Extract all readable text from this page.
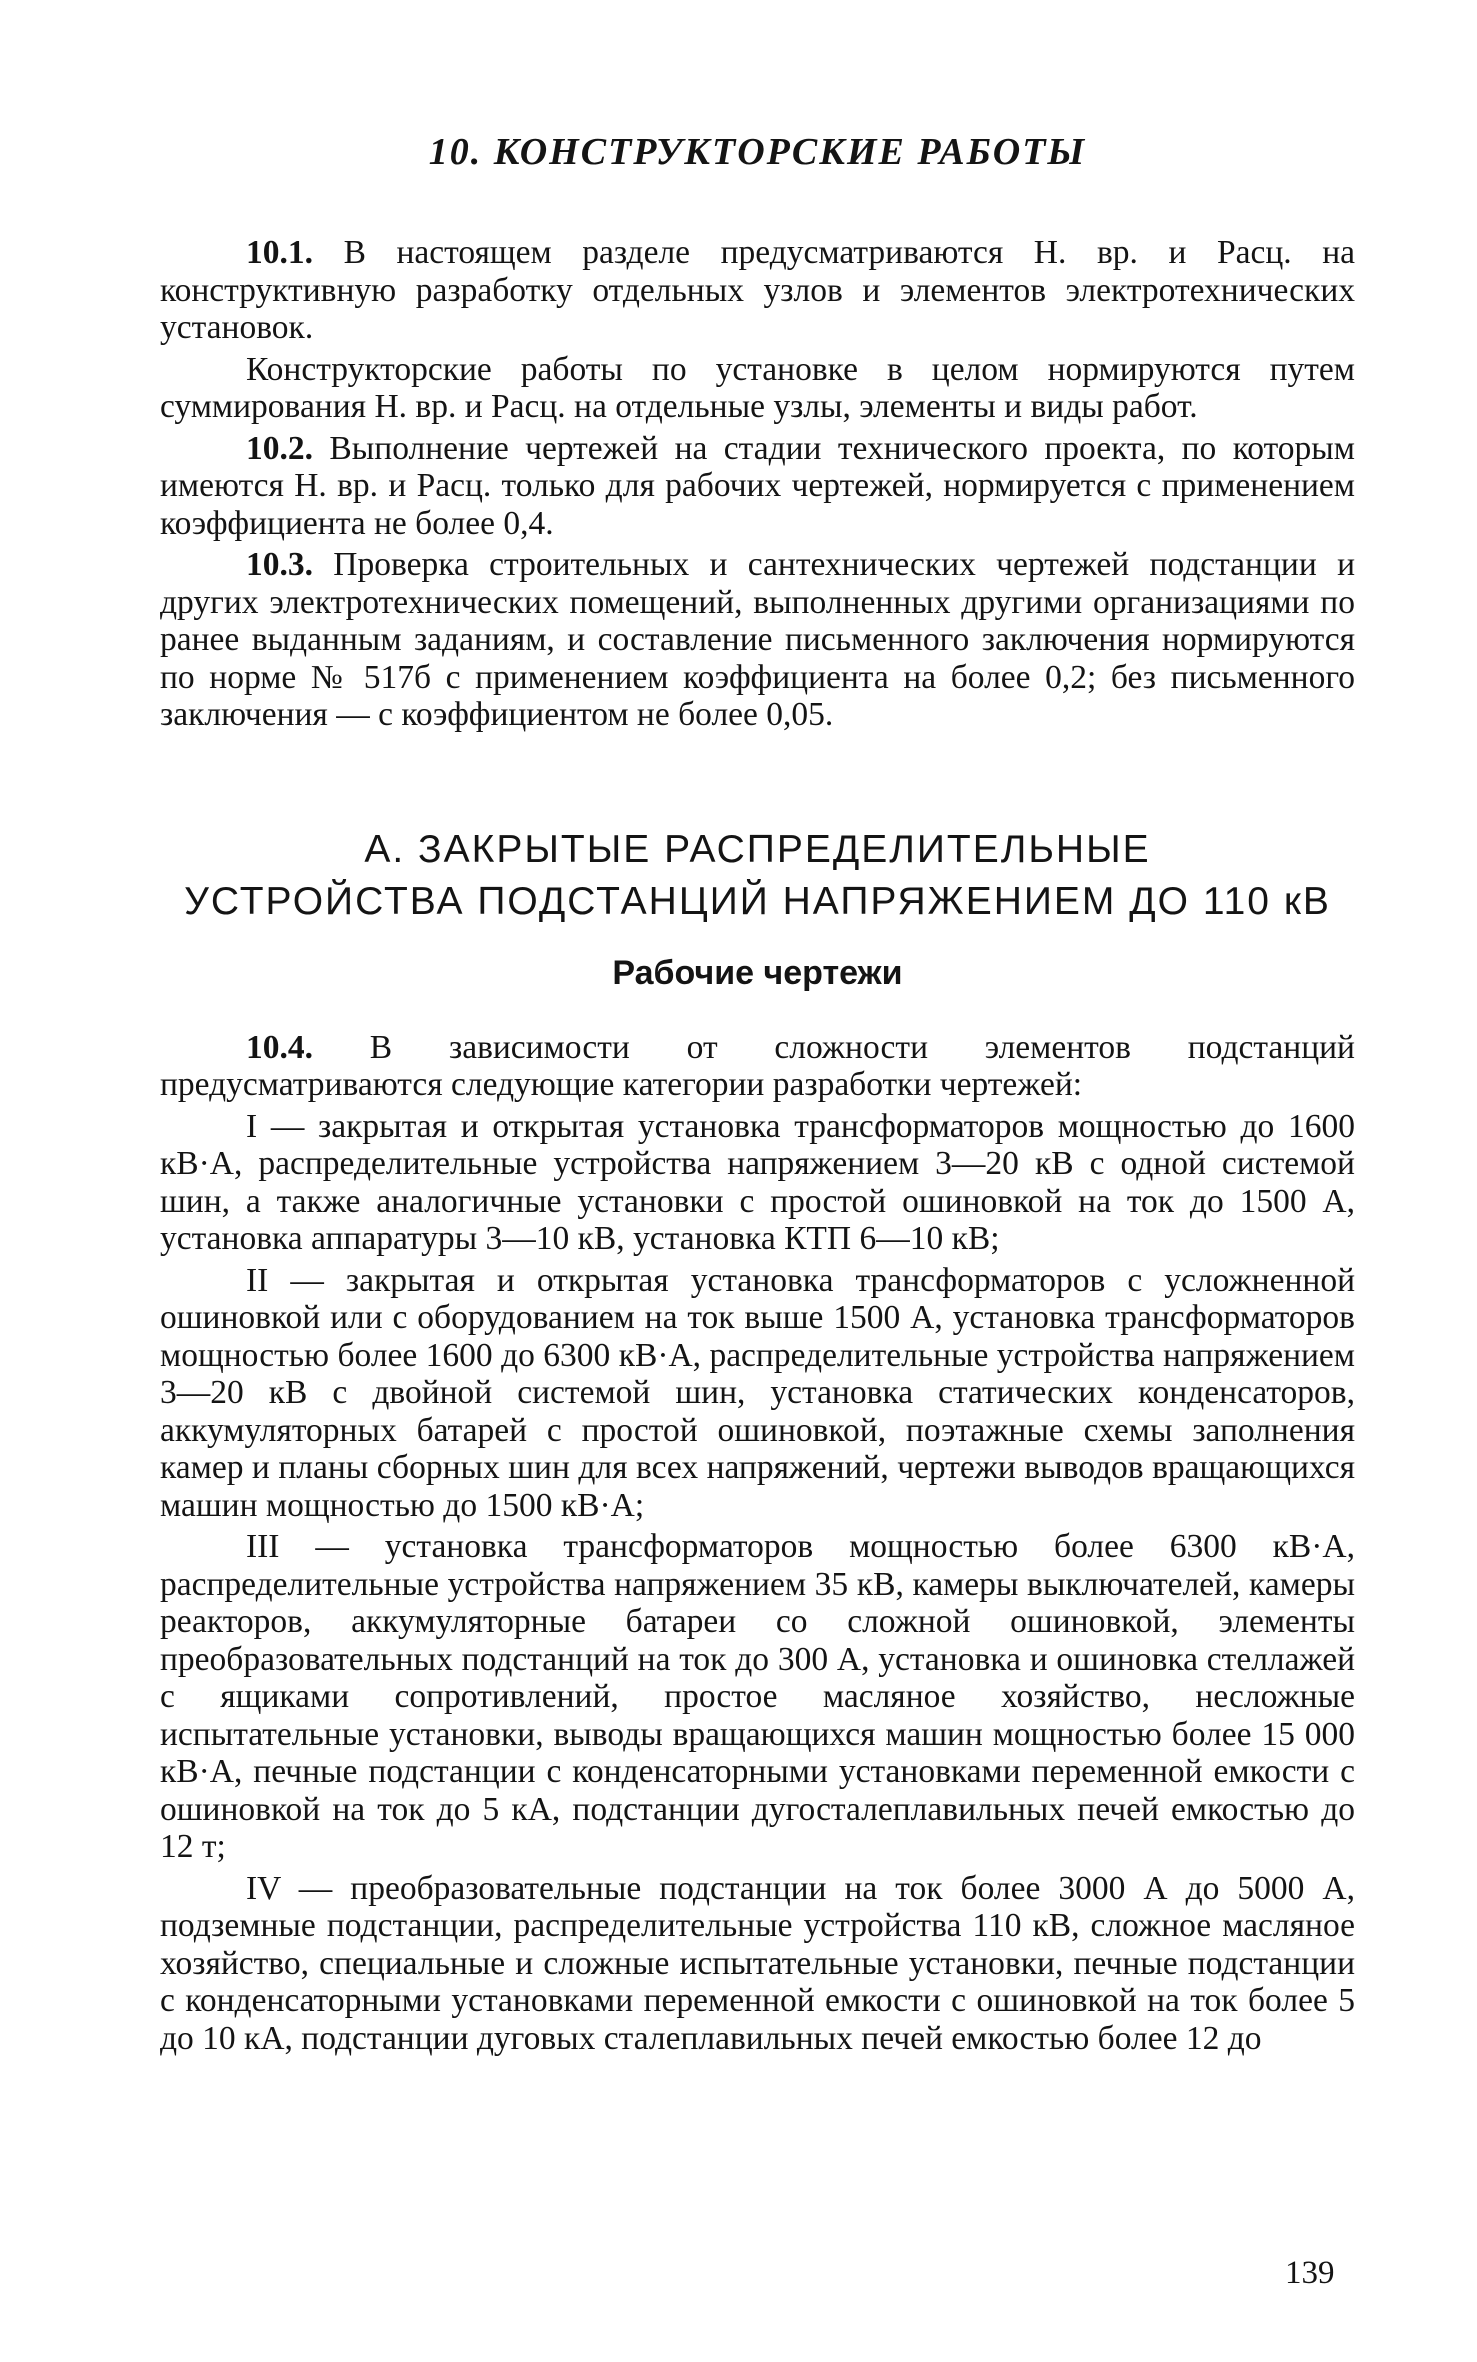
10. КОНСТРУКТОРСКИЕ РАБОТЫ

10.1. В настоящем разделе предусматриваются Н. вр. и Расц. на конструктивную разработку отдельных узлов и элементов электротехнических установок.

Конструкторские работы по установке в целом нормируются путем суммирования Н. вр. и Расц. на отдельные узлы, элементы и виды работ.

10.2. Выполнение чертежей на стадии технического проекта, по которым имеются Н. вр. и Расц. только для рабочих чертежей, нормируется с применением коэффициента не более 0,4.

10.3. Проверка строительных и сантехнических чертежей подстанции и других электротехнических помещений, выполненных другими организациями по ранее выданным заданиям, и составление письменного заключения нормируются по норме № 517б с применением коэффициента на более 0,2; без письменного заключения — с коэффициентом не более 0,05.

А. ЗАКРЫТЫЕ РАСПРЕДЕЛИТЕЛЬНЫЕ
УСТРОЙСТВА ПОДСТАНЦИЙ НАПРЯЖЕНИЕМ ДО 110 кВ
Рабочие чертежи

10.4. В зависимости от сложности элементов подстанций предусматриваются следующие категории разработки чертежей:

I — закрытая и открытая установка трансформаторов мощностью до 1600 кВ·А, распределительные устройства напряжением 3—20 кВ с одной системой шин, а также аналогичные установки с простой ошиновкой на ток до 1500 А, установка аппаратуры 3—10 кВ, установка КТП 6—10 кВ;

II — закрытая и открытая установка трансформаторов с усложненной ошиновкой или с оборудованием на ток выше 1500 А, установка трансформаторов мощностью более 1600 до 6300 кВ·А, распределительные устройства напряжением 3—20 кВ с двойной системой шин, установка статических конденсаторов, аккумуляторных батарей с простой ошиновкой, поэтажные схемы заполнения камер и планы сборных шин для всех напряжений, чертежи выводов вращающихся машин мощностью до 1500 кВ·А;

III — установка трансформаторов мощностью более 6300 кВ·А, распределительные устройства напряжением 35 кВ, камеры выключателей, камеры реакторов, аккумуляторные батареи со сложной ошиновкой, элементы преобразовательных подстанций на ток до 300 А, установка и ошиновка стеллажей с ящиками сопротивлений, простое масляное хозяйство, несложные испытательные установки, выводы вращающихся машин мощностью более 15 000 кВ·А, печные подстанции с конденсаторными установками переменной емкости с ошиновкой на ток до 5 кА, подстанции дугосталеплавильных печей емкостью до 12 т;

IV — преобразовательные подстанции на ток более 3000 А до 5000 А, подземные подстанции, распределительные устройства 110 кВ, сложное масляное хозяйство, специальные и сложные испытательные установки, печные подстанции с конденсаторными установками переменной емкости с ошиновкой на ток более 5 до 10 кА, подстанции дуговых сталеплавильных печей емкостью более 12 до

139
